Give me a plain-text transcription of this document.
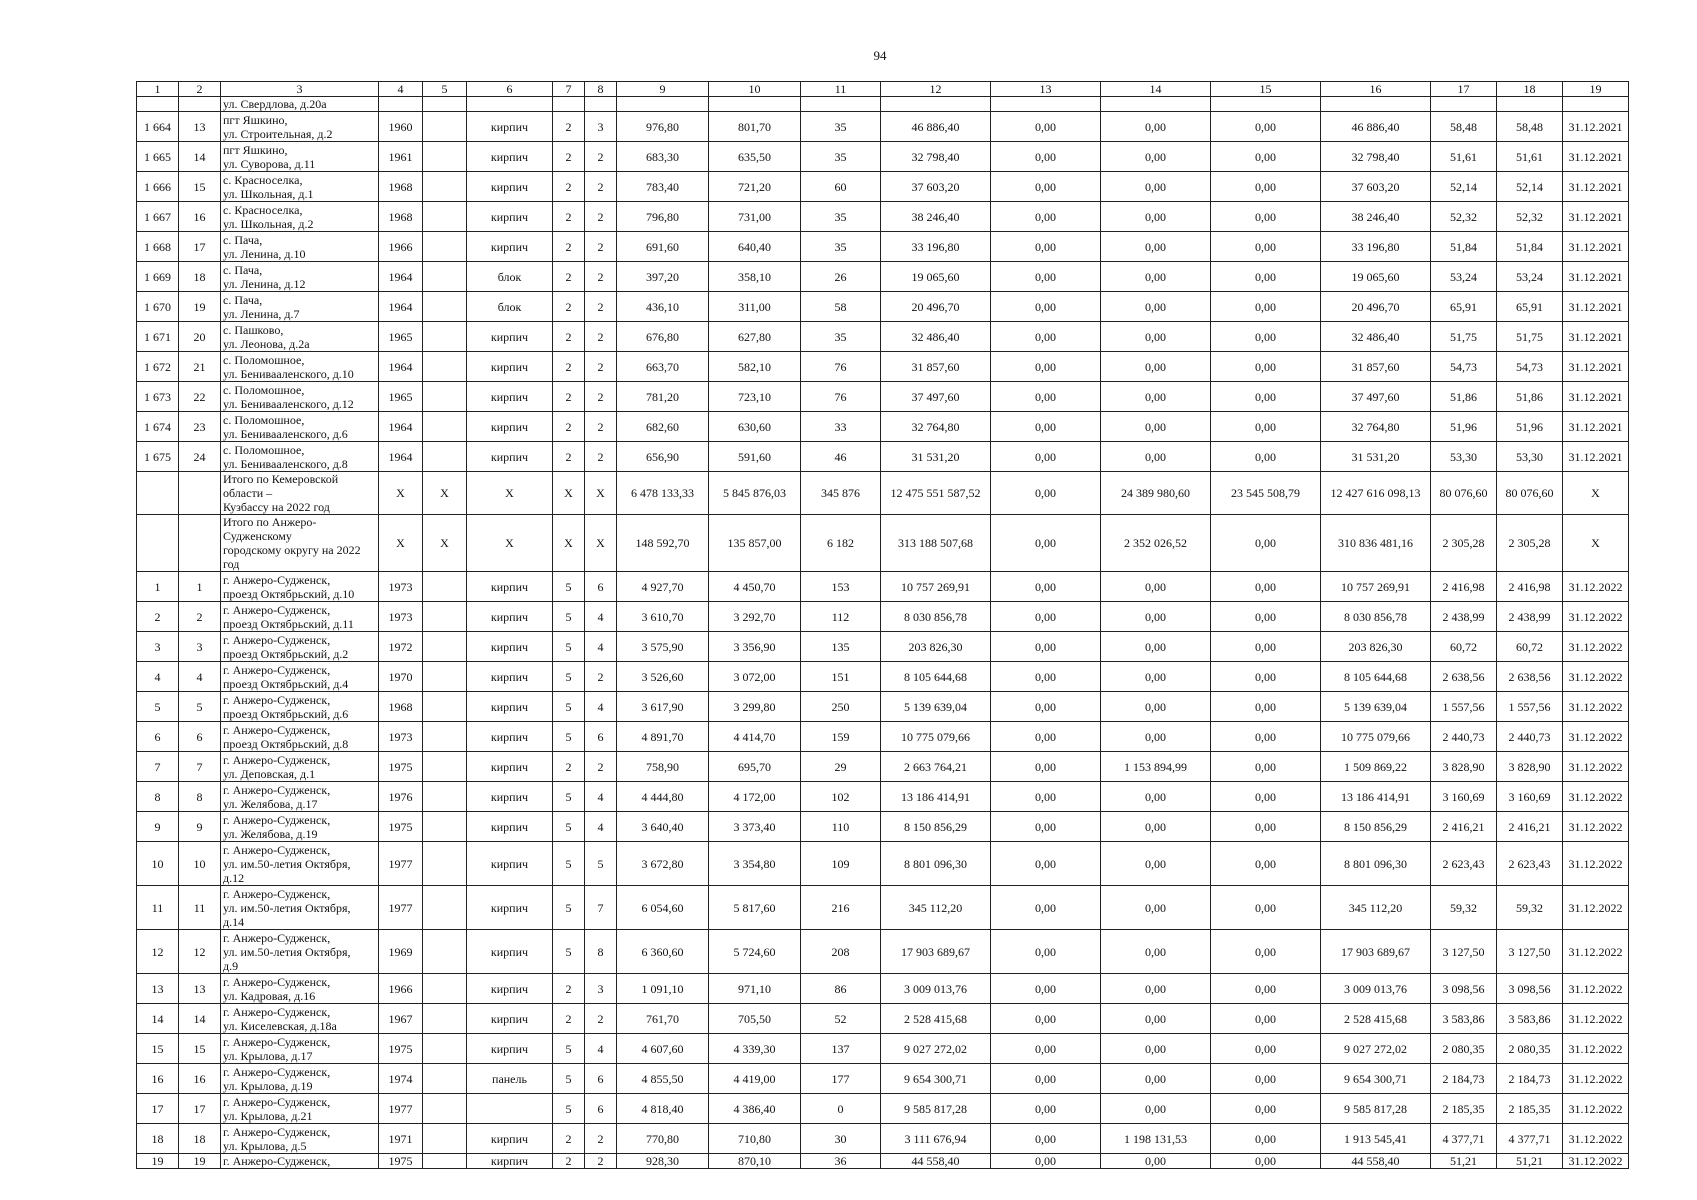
94
1	2	3	4	5	6	7	8	9	10	11	12	13	14	15	16	17	18	19

		ул. Свердлова, д.20а																

1 664	13	пгт Яшкино,
ул. Строительная, д.2	1960		кирпич	2	3	976,80	801,70	35	46 886,40	0,00	0,00	0,00	46 886,40	58,48	58,48	31.12.2021
1 665	14	пгт Яшкино,
ул. Суворова, д.11	1961		кирпич	2	2	683,30	635,50	35	32 798,40	0,00	0,00	0,00	32 798,40	51,61	51,61	31.12.2021
1 666	15	с. Красноселка,
ул. Школьная, д.1	1968		кирпич	2	2	783,40	721,20	60	37 603,20	0,00	0,00	0,00	37 603,20	52,14	52,14	31.12.2021
1 667	16	с. Красноселка,
ул. Школьная, д.2	1968		кирпич	2	2	796,80	731,00	35	38 246,40	0,00	0,00	0,00	38 246,40	52,32	52,32	31.12.2021
1 668	17	с. Пача,
ул. Ленина, д.10	1966		кирпич	2	2	691,60	640,40	35	33 196,80	0,00	0,00	0,00	33 196,80	51,84	51,84	31.12.2021
1 669	18	с. Пача,
ул. Ленина, д.12	1964		блок	2	2	397,20	358,10	26	19 065,60	0,00	0,00	0,00	19 065,60	53,24	53,24	31.12.2021
1 670	19	с. Пача,
ул. Ленина, д.7	1964		блок	2	2	436,10	311,00	58	20 496,70	0,00	0,00	0,00	20 496,70	65,91	65,91	31.12.2021
1 671	20	с. Пашково,
ул. Леонова, д.2а	1965		кирпич	2	2	676,80	627,80	35	32 486,40	0,00	0,00	0,00	32 486,40	51,75	51,75	31.12.2021
1 672	21	с. Поломошное,
ул. Бенивааленского, д.10	1964		кирпич	2	2	663,70	582,10	76	31 857,60	0,00	0,00	0,00	31 857,60	54,73	54,73	31.12.2021
1 673	22	с. Поломошное,
ул. Бенивааленского, д.12	1965		кирпич	2	2	781,20	723,10	76	37 497,60	0,00	0,00	0,00	37 497,60	51,86	51,86	31.12.2021
1 674	23	с. Поломошное,
ул. Бенивааленского, д.6	1964		кирпич	2	2	682,60	630,60	33	32 764,80	0,00	0,00	0,00	32 764,80	51,96	51,96	31.12.2021
1 675	24	с. Поломошное,
ул. Бенивааленского, д.8	1964		кирпич	2	2	656,90	591,60	46	31 531,20	0,00	0,00	0,00	31 531,20	53,30	53,30	31.12.2021

		Итого по Кемеровской области –
Кузбассу на 2022 год	X	X	X	X	X	6 478 133,33	5 845 876,03	345 876	12 475 551 587,52	0,00	24 389 980,60	23 545 508,79	12 427 616 098,13	80 076,60	80 076,60	X

		Итого по Анжеро-Судженскому
городскому округу на 2022 год	X	X	X	X	X	148 592,70	135 857,00	6 182	313 188 507,68	0,00	2 352 026,52	0,00	310 836 481,16	2 305,28	2 305,28	X
1	1	г. Анжеро-Судженск,
проезд Октябрьский, д.10	1973		кирпич	5	6	4 927,70	4 450,70	153	10 757 269,91	0,00	0,00	0,00	10 757 269,91	2 416,98	2 416,98	31.12.2022
2	2	г. Анжеро-Судженск,
проезд Октябрьский, д.11	1973		кирпич	5	4	3 610,70	3 292,70	112	8 030 856,78	0,00	0,00	0,00	8 030 856,78	2 438,99	2 438,99	31.12.2022
3	3	г. Анжеро-Судженск,
проезд Октябрьский, д.2	1972		кирпич	5	4	3 575,90	3 356,90	135	203 826,30	0,00	0,00	0,00	203 826,30	60,72	60,72	31.12.2022
4	4	г. Анжеро-Судженск,
проезд Октябрьский, д.4	1970		кирпич	5	2	3 526,60	3 072,00	151	8 105 644,68	0,00	0,00	0,00	8 105 644,68	2 638,56	2 638,56	31.12.2022
5	5	г. Анжеро-Судженск,
проезд Октябрьский, д.6	1968		кирпич	5	4	3 617,90	3 299,80	250	5 139 639,04	0,00	0,00	0,00	5 139 639,04	1 557,56	1 557,56	31.12.2022
6	6	г. Анжеро-Судженск,
проезд Октябрьский, д.8	1973		кирпич	5	6	4 891,70	4 414,70	159	10 775 079,66	0,00	0,00	0,00	10 775 079,66	2 440,73	2 440,73	31.12.2022
7	7	г. Анжеро-Судженск,
ул. Деповская, д.1	1975		кирпич	2	2	758,90	695,70	29	2 663 764,21	0,00	1 153 894,99	0,00	1 509 869,22	3 828,90	3 828,90	31.12.2022
8	8	г. Анжеро-Судженск,
ул. Желябова, д.17	1976		кирпич	5	4	4 444,80	4 172,00	102	13 186 414,91	0,00	0,00	0,00	13 186 414,91	3 160,69	3 160,69	31.12.2022
9	9	г. Анжеро-Судженск,
ул. Желябова, д.19	1975		кирпич	5	4	3 640,40	3 373,40	110	8 150 856,29	0,00	0,00	0,00	8 150 856,29	2 416,21	2 416,21	31.12.2022
10	10	г. Анжеро-Судженск,
ул. им.50-летия Октября,
д.12	1977		кирпич	5	5	3 672,80	3 354,80	109	8 801 096,30	0,00	0,00	0,00	8 801 096,30	2 623,43	2 623,43	31.12.2022
11	11	г. Анжеро-Судженск,
ул. им.50-летия Октября,
д.14	1977		кирпич	5	7	6 054,60	5 817,60	216	345 112,20	0,00	0,00	0,00	345 112,20	59,32	59,32	31.12.2022
12	12	г. Анжеро-Судженск,
ул. им.50-летия Октября,
д.9	1969		кирпич	5	8	6 360,60	5 724,60	208	17 903 689,67	0,00	0,00	0,00	17 903 689,67	3 127,50	3 127,50	31.12.2022
13	13	г. Анжеро-Судженск,
ул. Кадровая, д.16	1966		кирпич	2	3	1 091,10	971,10	86	3 009 013,76	0,00	0,00	0,00	3 009 013,76	3 098,56	3 098,56	31.12.2022
14	14	г. Анжеро-Судженск,
ул. Киселевская, д.18а	1967		кирпич	2	2	761,70	705,50	52	2 528 415,68	0,00	0,00	0,00	2 528 415,68	3 583,86	3 583,86	31.12.2022
15	15	г. Анжеро-Судженск,
ул. Крылова, д.17	1975		кирпич	5	4	4 607,60	4 339,30	137	9 027 272,02	0,00	0,00	0,00	9 027 272,02	2 080,35	2 080,35	31.12.2022
16	16	г. Анжеро-Судженск,
ул. Крылова, д.19	1974		панель	5	6	4 855,50	4 419,00	177	9 654 300,71	0,00	0,00	0,00	9 654 300,71	2 184,73	2 184,73	31.12.2022
17	17	г. Анжеро-Судженск,
ул. Крылова, д.21	1977			5	6	4 818,40	4 386,40	0	9 585 817,28	0,00	0,00	0,00	9 585 817,28	2 185,35	2 185,35	31.12.2022
18	18	г. Анжеро-Судженск,
ул. Крылова, д.5	1971		кирпич	2	2	770,80	710,80	30	3 111 676,94	0,00	1 198 131,53	0,00	1 913 545,41	4 377,71	4 377,71	31.12.2022
19	19	г. Анжеро-Судженск,	1975		кирпич	2	2	928,30	870,10	36	44 558,40	0,00	0,00	0,00	44 558,40	51,21	51,21	31.12.2022
